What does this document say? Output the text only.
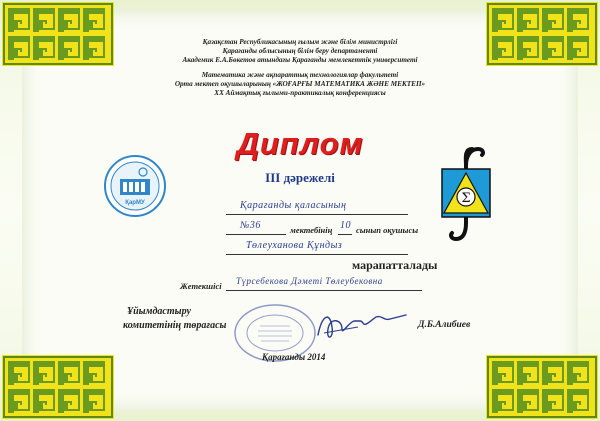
Қазақстан Республикасының ғылым және білім министрлігі
Қарағанды облысының білім беру департаменті
Академик Е.А.Бөкетов атындағы Қарағанды мемлекеттік университеті
Математика және ақпараттық технологиялар факультеті
Орта мектеп оқушыларының «ЖОҒАРҒЫ МАТЕМАТИКА ЖӘНЕ МЕКТЕП»
XX Аймақтық ғылыми-практикалық конференциясы
ҚарМУ	Σ
Диплом
III дәрежелі
Қарағанды қаласының
№36	мектебінің 10 сынып оқушысы
Төлеуханова Құндыз
марапатталады
Жетекшісі Түрсебекова Дәметі Төлеубековна
Ұйымдастыру
комитетінің төрағасы	Д.Б.Алибиев
Қарағанды 2014
